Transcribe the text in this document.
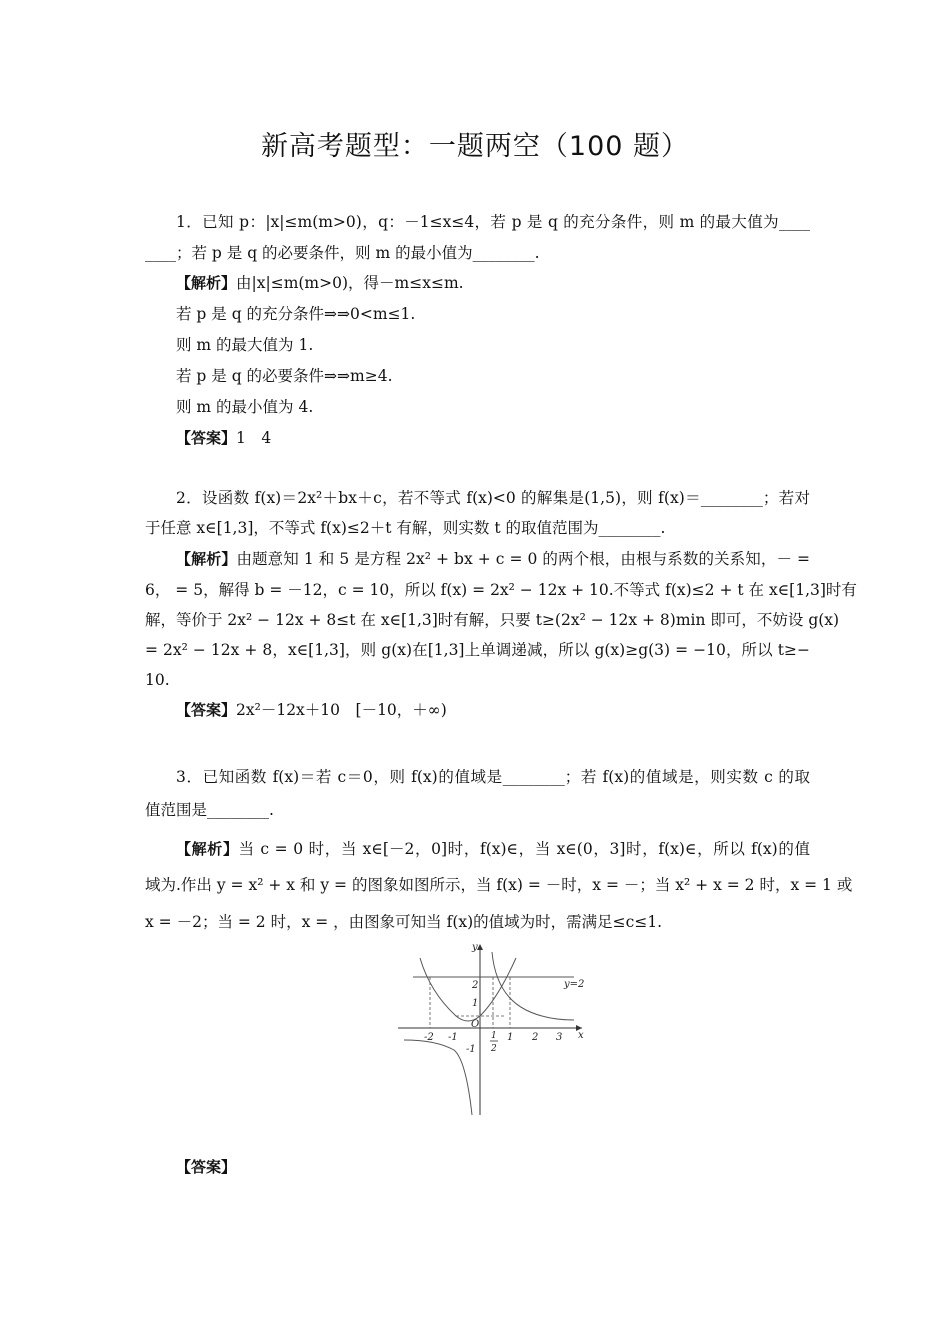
新高考题型：一题两空（100 题）
1．已知 p：|x|≤m(m>0)，q：－1≤x≤4，若 p 是 q 的充分条件，则 m 的最大值为____
____；若 p 是 q 的必要条件，则 m 的最小值为________.
【解析】由|x|≤m(m>0)，得－m≤x≤m.
若 p 是 q 的充分条件⇒⇒0<m≤1.
则 m 的最大值为 1.
若 p 是 q 的必要条件⇒⇒m≥4.
则 m 的最小值为 4.
【答案】1　4
2．设函数 f(x)＝2x²＋bx＋c，若不等式 f(x)<0 的解集是(1,5)，则 f(x)＝________；若对
于任意 x∈[1,3]，不等式 f(x)≤2＋t 有解，则实数 t 的取值范围为________.
【解析】由题意知 1 和 5 是方程 2x² + bx + c = 0 的两个根，由根与系数的关系知，－ =
6， = 5，解得 b = －12，c = 10，所以 f(x) = 2x² − 12x + 10.不等式 f(x)≤2 + t 在 x∈[1,3]时有
解，等价于 2x² − 12x + 8≤t 在 x∈[1,3]时有解，只要 t≥(2x² − 12x + 8)min 即可，不妨设 g(x)
= 2x² − 12x + 8，x∈[1,3]，则 g(x)在[1,3]上单调递减，所以 g(x)≥g(3) = −10，所以 t≥−
10.
【答案】2x²－12x＋10　[－10，＋∞)
3．已知函数 f(x)＝若 c＝0，则 f(x)的值域是________；若 f(x)的值域是，则实数 c 的取
值范围是________.
【解析】当 c = 0 时，当 x∈[－2，0]时，f(x)∈，当 x∈(0，3]时，f(x)∈，所以 f(x)的值
域为.作出 y = x² + x 和 y = 的图象如图所示，当 f(x) = －时，x = －；当 x² + x = 2 时，x = 1 或
x = －2；当 = 2 时，x = ，由图象可知当 f(x)的值域为时，需满足≤c≤1.
y
x
O
y=2
-2 -1	1 2 3
1
2
2
1
-1
【答案】
